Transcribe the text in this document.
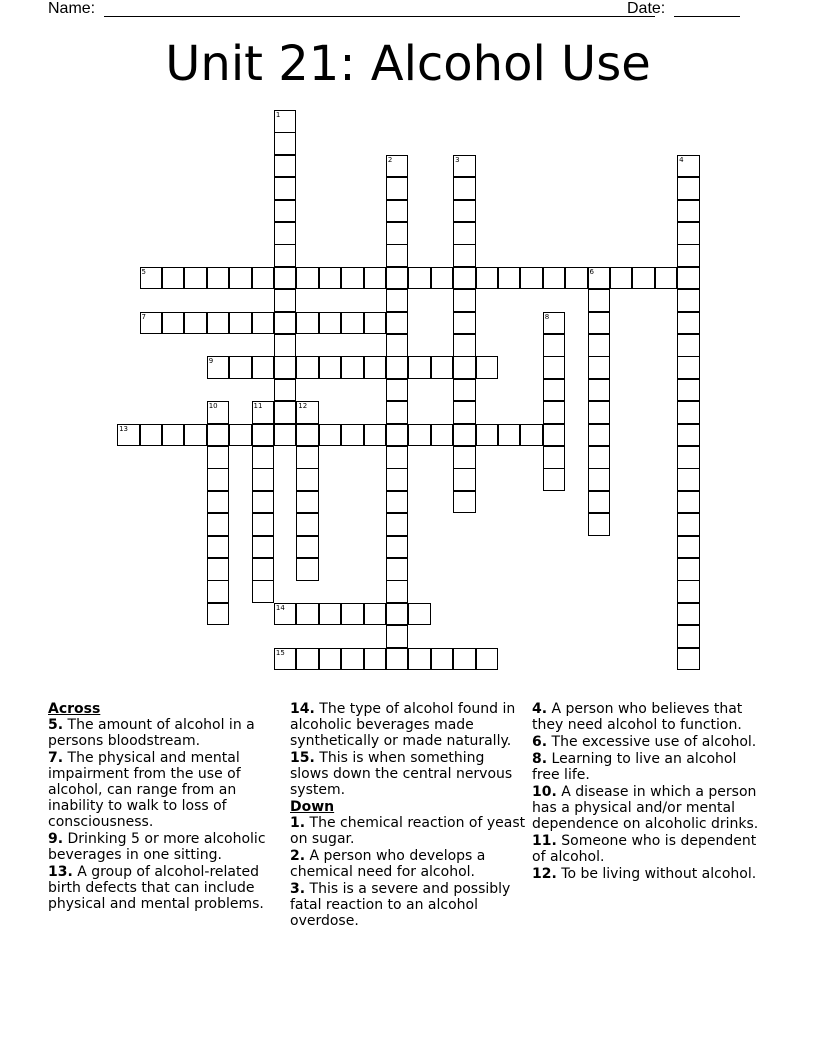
Name:	Date:
Unit 21: Alcohol Use
1
2	3	4
5	6
7	8
9
10	11	12
13
14
15
Across
5. The amount of alcohol in a persons bloodstream.
7. The physical and mental impairment from the use of alcohol, can range from an inability to walk to loss of consciousness.
9. Drinking 5 or more alcoholic beverages in one sitting.
13. A group of alcohol-related birth defects that can include physical and mental problems.
14. The type of alcohol found in alcoholic beverages made synthetically or made naturally.
15. This is when something slows down the central nervous system.
Down
1. The chemical reaction of yeast on sugar.
2. A person who develops a chemical need for alcohol.
3. This is a severe and possibly fatal reaction to an alcohol overdose.
4. A person who believes that they need alcohol to function.
6. The excessive use of alcohol.
8. Learning to live an alcohol free life.
10. A disease in which a person has a physical and/or mental dependence on alcoholic drinks.
11. Someone who is dependent of alcohol.
12. To be living without alcohol.
